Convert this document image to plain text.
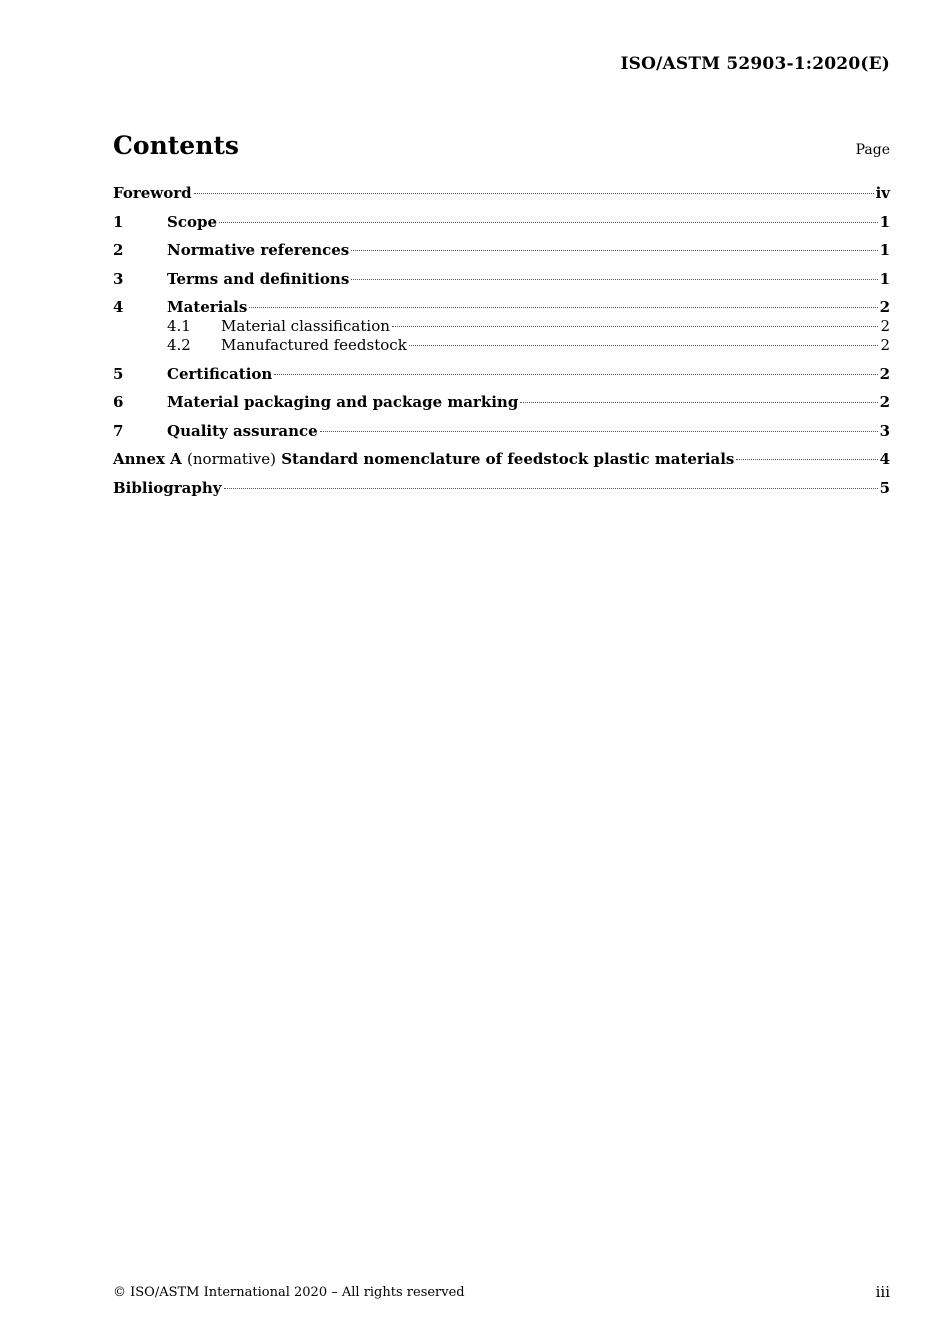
ISO/ASTM 52903-1:2020(E)
Contents	Page
Foreword	iv
1	Scope	1
2	Normative references	1
3	Terms and definitions	1
4	Materials	2
4.1	Material classification	2
4.2	Manufactured feedstock	2
5	Certification	2
6	Material packaging and package marking	2
7	Quality assurance	3
Annex A (normative) Standard nomenclature of feedstock plastic materials	4
Bibliography	5
© ISO/ASTM International 2020 – All rights reserved	iii
